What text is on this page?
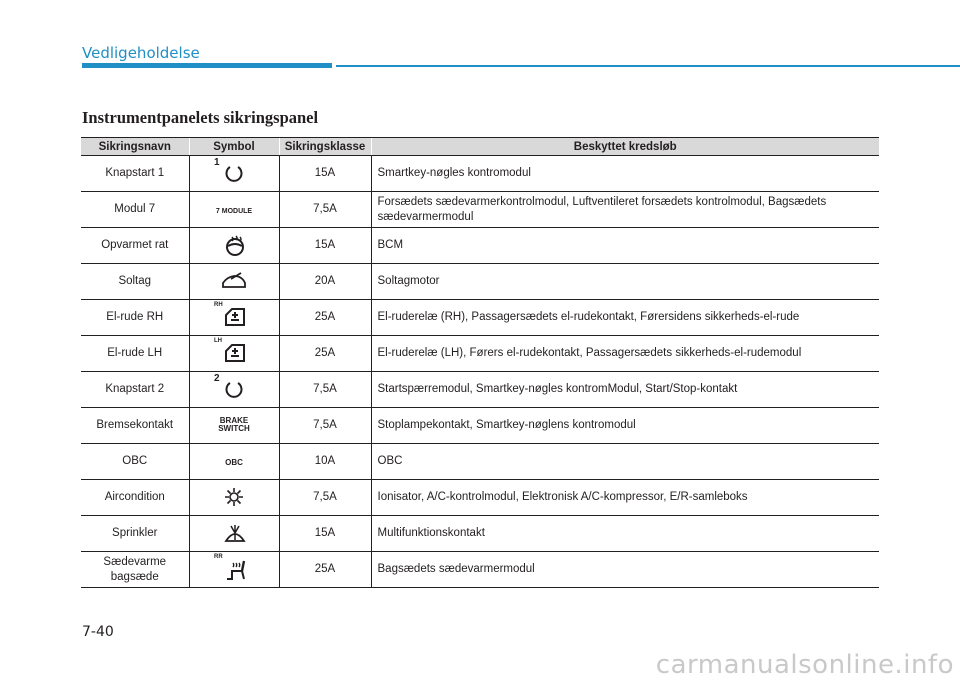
Vedligeholdelse
Instrumentpanelets sikringspanel
Sikringsnavn	Symbol	Sikringsklasse	Beskyttet kredsløb
Knapstart 1	1	15A	Smartkey-nøgles kontromodul
Modul 7	7 MODULE	7,5A	Forsædets sædevarmerkontrolmodul, Luftventileret forsædets kontrolmodul, Bagsædets sædevarmermodul
Opvarmet rat		15A	BCM
Soltag		20A	Soltagmotor
El-rude RH	RH	25A	El-ruderelæ (RH), Passagersædets el-rudekontakt, Førersidens sikkerheds-el-rude
El-rude LH	LH	25A	El-ruderelæ (LH), Førers el-rudekontakt, Passagersædets sikkerheds-el-rudemodul
Knapstart 2	2	7,5A	Startspærremodul, Smartkey-nøgles kontromModul, Start/Stop-kontakt
Bremsekontakt	BRAKE SWITCH	7,5A	Stoplampekontakt, Smartkey-nøglens kontromodul
OBC	OBC	10A	OBC
Aircondition		7,5A	Ionisator, A/C-kontrolmodul, Elektronisk A/C-kompressor, E/R-samleboks
Sprinkler		15A	Multifunktionskontakt
Sædevarme bagsæde	RR	25A	Bagsædets sædevarmermodul
7-40
carmanualsonline.info
